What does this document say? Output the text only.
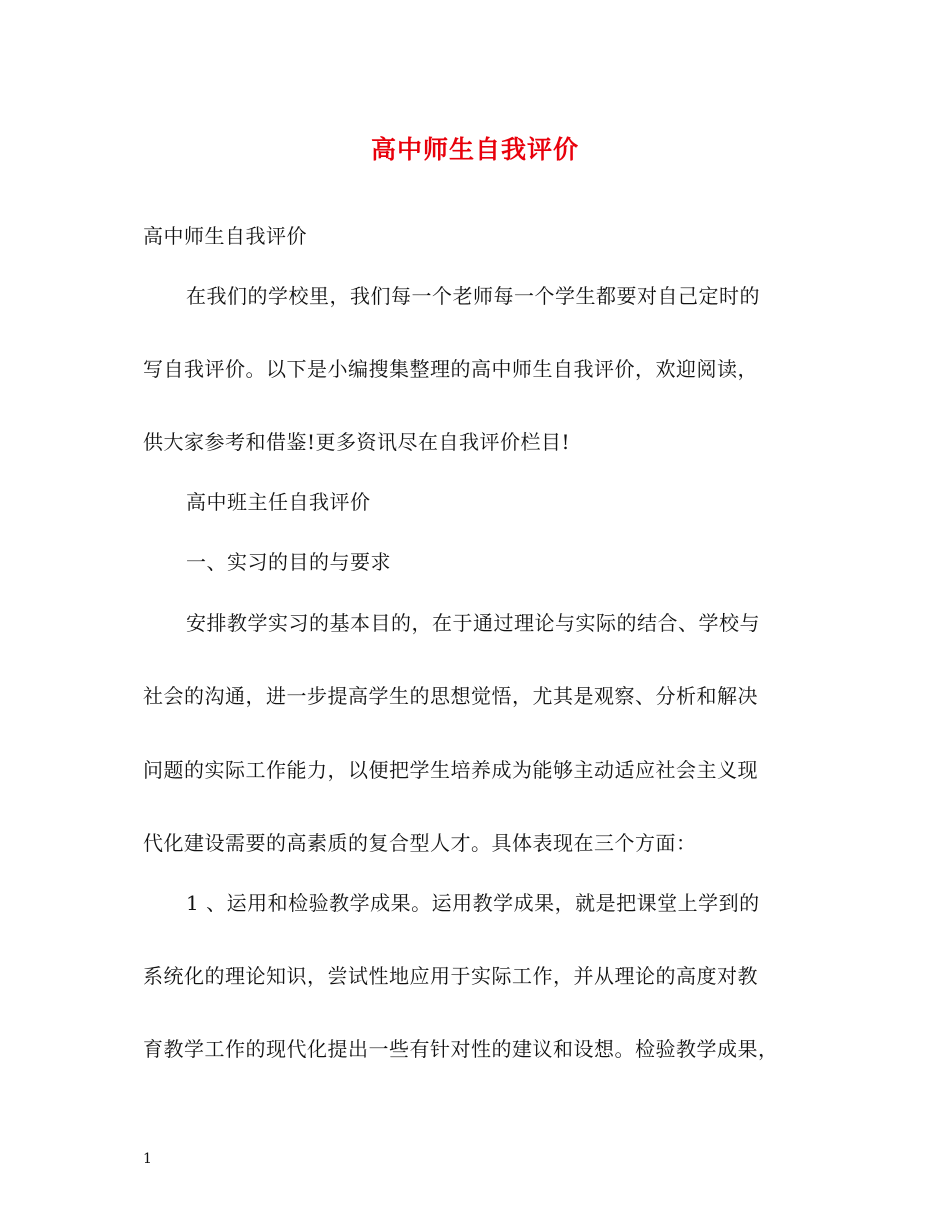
高中师生自我评价
高中师生自我评价
在我们的学校里，我们每一个老师每一个学生都要对自己定时的
写自我评价。以下是小编搜集整理的高中师生自我评价，欢迎阅读，
供大家参考和借鉴!更多资讯尽在自我评价栏目!
高中班主任自我评价
一、实习的目的与要求
安排教学实习的基本目的，在于通过理论与实际的结合、学校与
社会的沟通，进一步提高学生的思想觉悟，尤其是观察、分析和解决
问题的实际工作能力，以便把学生培养成为能够主动适应社会主义现
代化建设需要的高素质的复合型人才。具体表现在三个方面：
1 、运用和检验教学成果。运用教学成果，就是把课堂上学到的
系统化的理论知识，尝试性地应用于实际工作，并从理论的高度对教
育教学工作的现代化提出一些有针对性的建议和设想。检验教学成果，
1
